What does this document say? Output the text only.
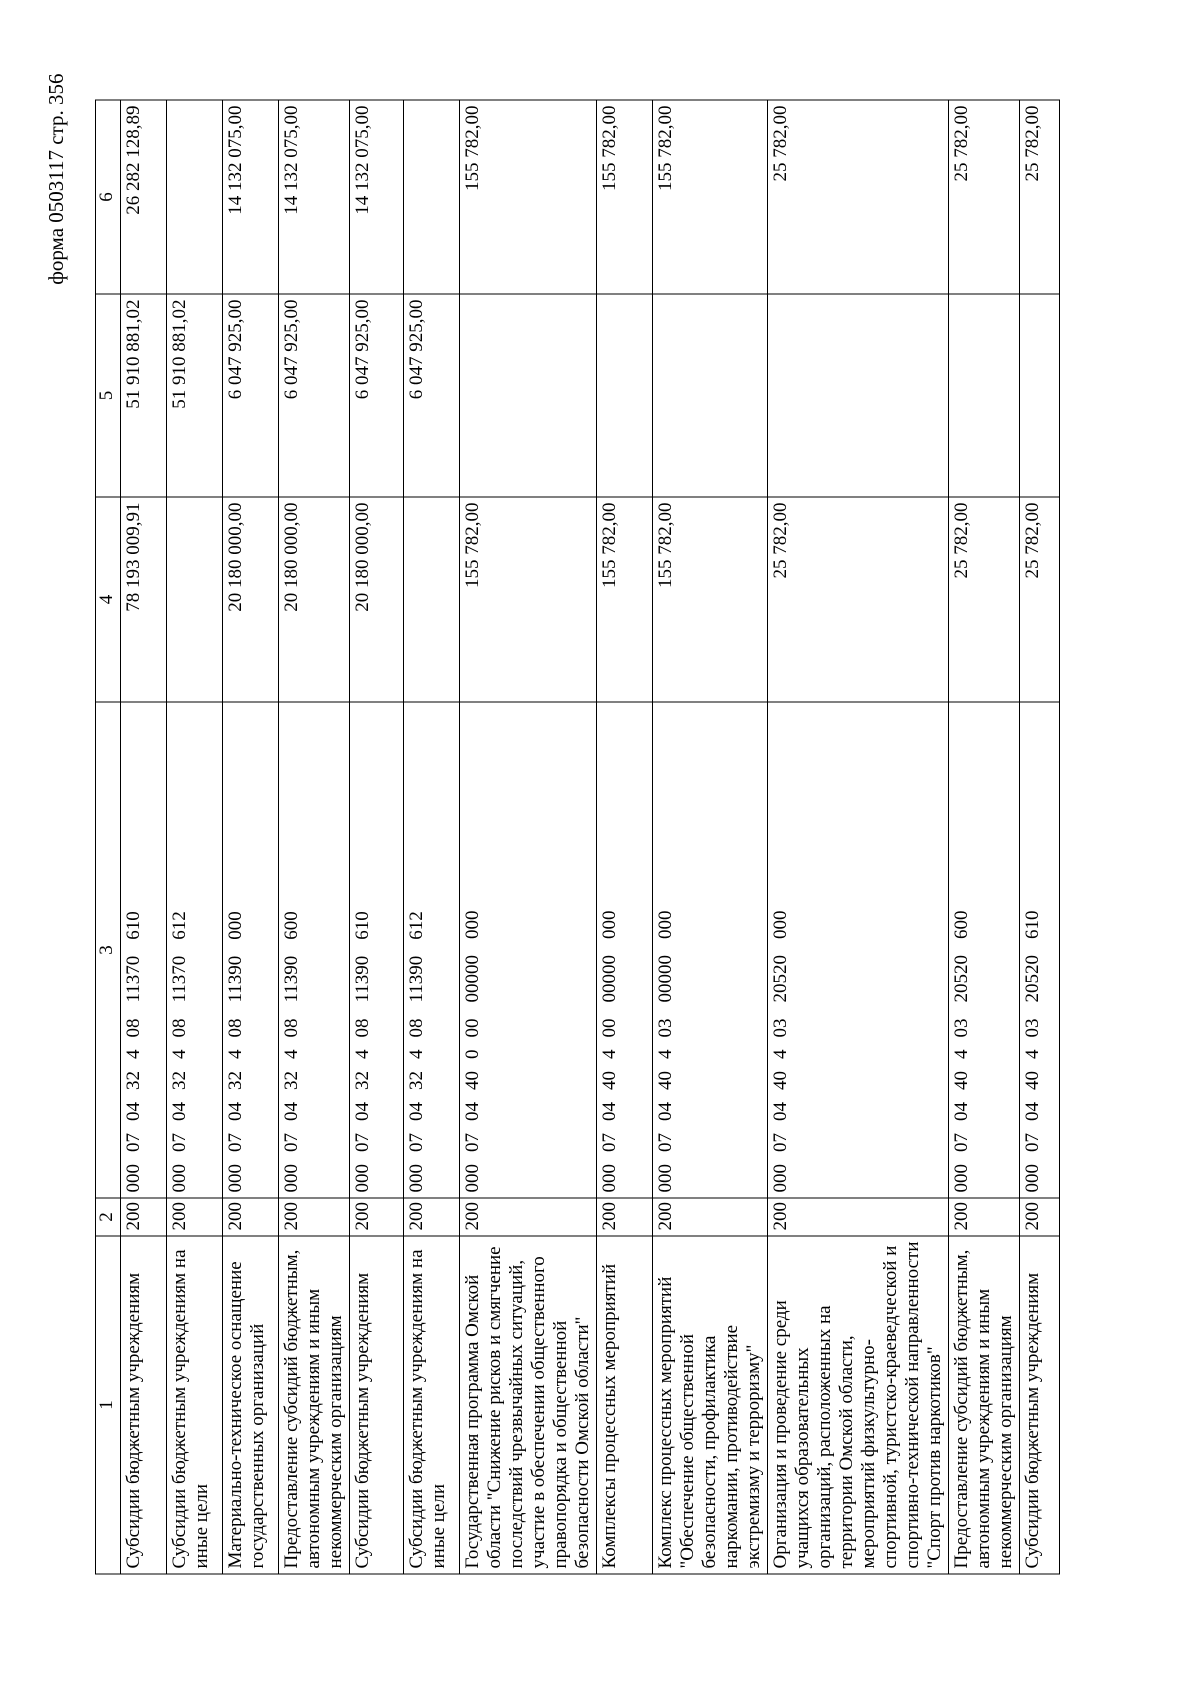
форма 0503117 стр. 356
1	2	3	4	5	6
Субсидии бюджетным учреждениям	200	00007043240811370610	78 193 009,91	51 910 881,02	26 282 128,89
Субсидии бюджетным учреждениям на иные цели	200	00007043240811370612		51 910 881,02	
Материально-техническое оснащение государственных организаций	200	00007043240811390000	20 180 000,00	6 047 925,00	14 132 075,00
Предоставление субсидий бюджетным, автономным учреждениям и иным некоммерческим организациям	200	00007043240811390600	20 180 000,00	6 047 925,00	14 132 075,00
Субсидии бюджетным учреждениям	200	00007043240811390610	20 180 000,00	6 047 925,00	14 132 075,00
Субсидии бюджетным учреждениям на иные цели	200	00007043240811390612		6 047 925,00	
Государственная программа Омской области "Снижение рисков и смягчение последствий чрезвычайных ситуаций, участие в обеспечении общественного правопорядка и общественной безопасности Омской области"	200	00007044000000000000	155 782,00		155 782,00
Комплексы процессных мероприятий	200	00007044040000000000	155 782,00		155 782,00
Комплекс процессных мероприятий "Обеспечение общественной безопасности, профилактика наркомании, противодействие экстремизму и терроризму"	200	00007044040300000000	155 782,00		155 782,00
Организация и проведение среди учащихся образовательных организаций, расположенных на территории Омской области, мероприятий физкультурно-спортивной, туристско-краеведческой и спортивно-технической направленности "Спорт против наркотиков"	200	00007044040320520000	25 782,00		25 782,00
Предоставление субсидий бюджетным, автономным учреждениям и иным некоммерческим организациям	200	00007044040320520600	25 782,00		25 782,00
Субсидии бюджетным учреждениям	200	00007044040320520610	25 782,00		25 782,00
